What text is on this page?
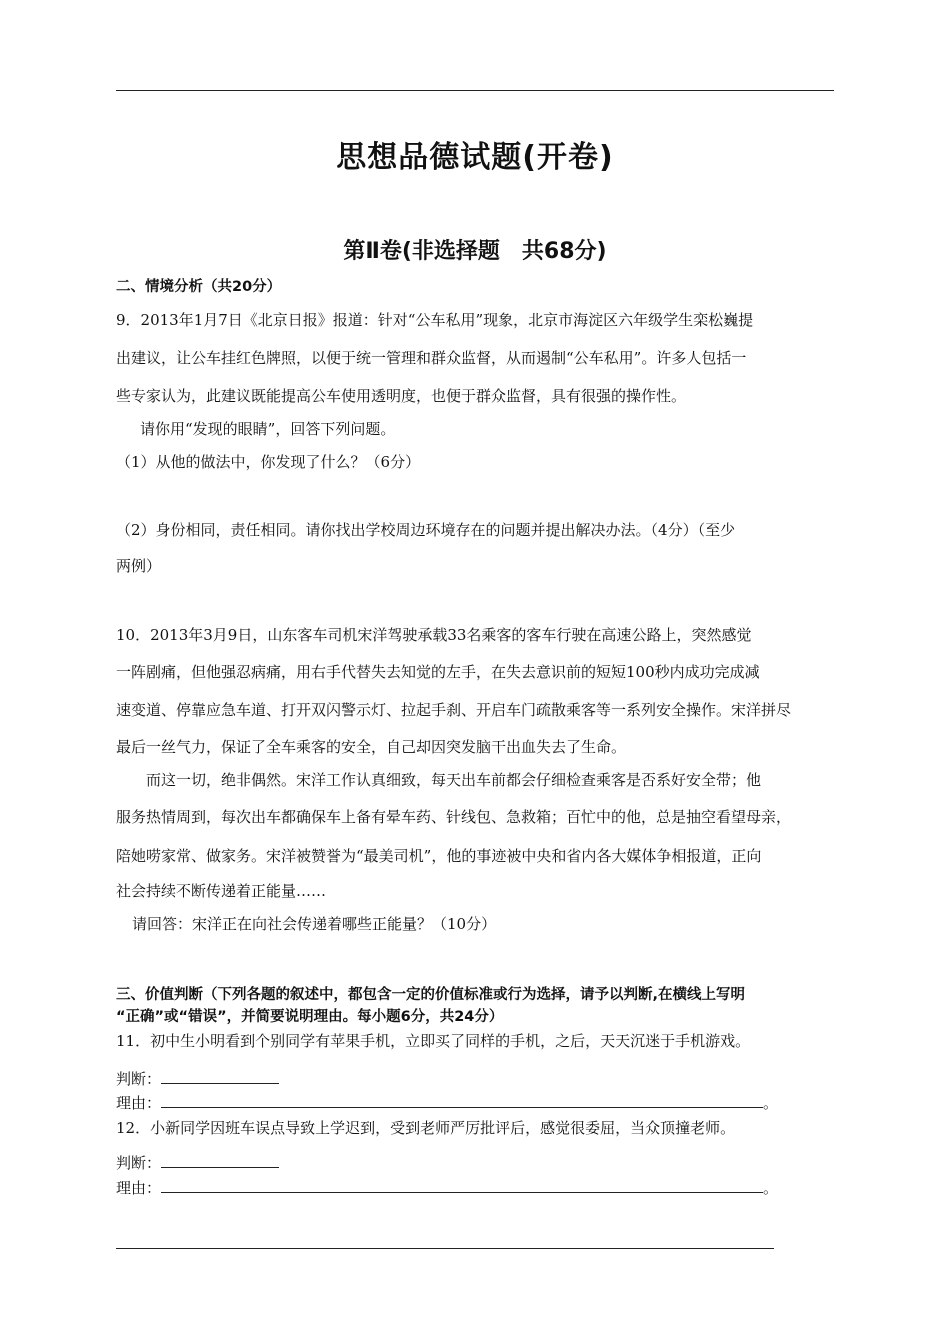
思想品德试题(开卷)
第Ⅱ卷(非选择题　共68分)
二、情境分析（共20分）
9．2013年1月7日《北京日报》报道：针对“公车私用”现象，北京市海淀区六年级学生栾松巍提
出建议，让公车挂红色牌照，以便于统一管理和群众监督，从而遏制“公车私用”。许多人包括一
些专家认为，此建议既能提高公车使用透明度，也便于群众监督，具有很强的操作性。
请你用“发现的眼睛”，回答下列问题。
（1）从他的做法中，你发现了什么？（6分）
（2）身份相同，责任相同。请你找出学校周边环境存在的问题并提出解决办法。（4分）（至少
两例）
10．2013年3月9日，山东客车司机宋洋驾驶承载33名乘客的客车行驶在高速公路上，突然感觉
一阵剧痛，但他强忍病痛，用右手代替失去知觉的左手，在失去意识前的短短100秒内成功完成减
速变道、停靠应急车道、打开双闪警示灯、拉起手刹、开启车门疏散乘客等一系列安全操作。宋洋拼尽
最后一丝气力，保证了全车乘客的安全，自己却因突发脑干出血失去了生命。
而这一切，绝非偶然。宋洋工作认真细致，每天出车前都会仔细检查乘客是否系好安全带；他
服务热情周到，每次出车都确保车上备有晕车药、针线包、急救箱；百忙中的他，总是抽空看望母亲，
陪她唠家常、做家务。宋洋被赞誉为“最美司机”，他的事迹被中央和省内各大媒体争相报道，正向
社会持续不断传递着正能量……
请回答：宋洋正在向社会传递着哪些正能量？（10分）
三、价值判断（下列各题的叙述中，都包含一定的价值标准或行为选择，请予以判断,在横线上写明
“正确”或“错误”，并简要说明理由。每小题6分，共24分）
11．初中生小明看到个别同学有苹果手机，立即买了同样的手机，之后，天天沉迷于手机游戏。
判断：
理由：	。
12．小新同学因班车误点导致上学迟到，受到老师严厉批评后，感觉很委屈，当众顶撞老师。
判断：
理由：	。
